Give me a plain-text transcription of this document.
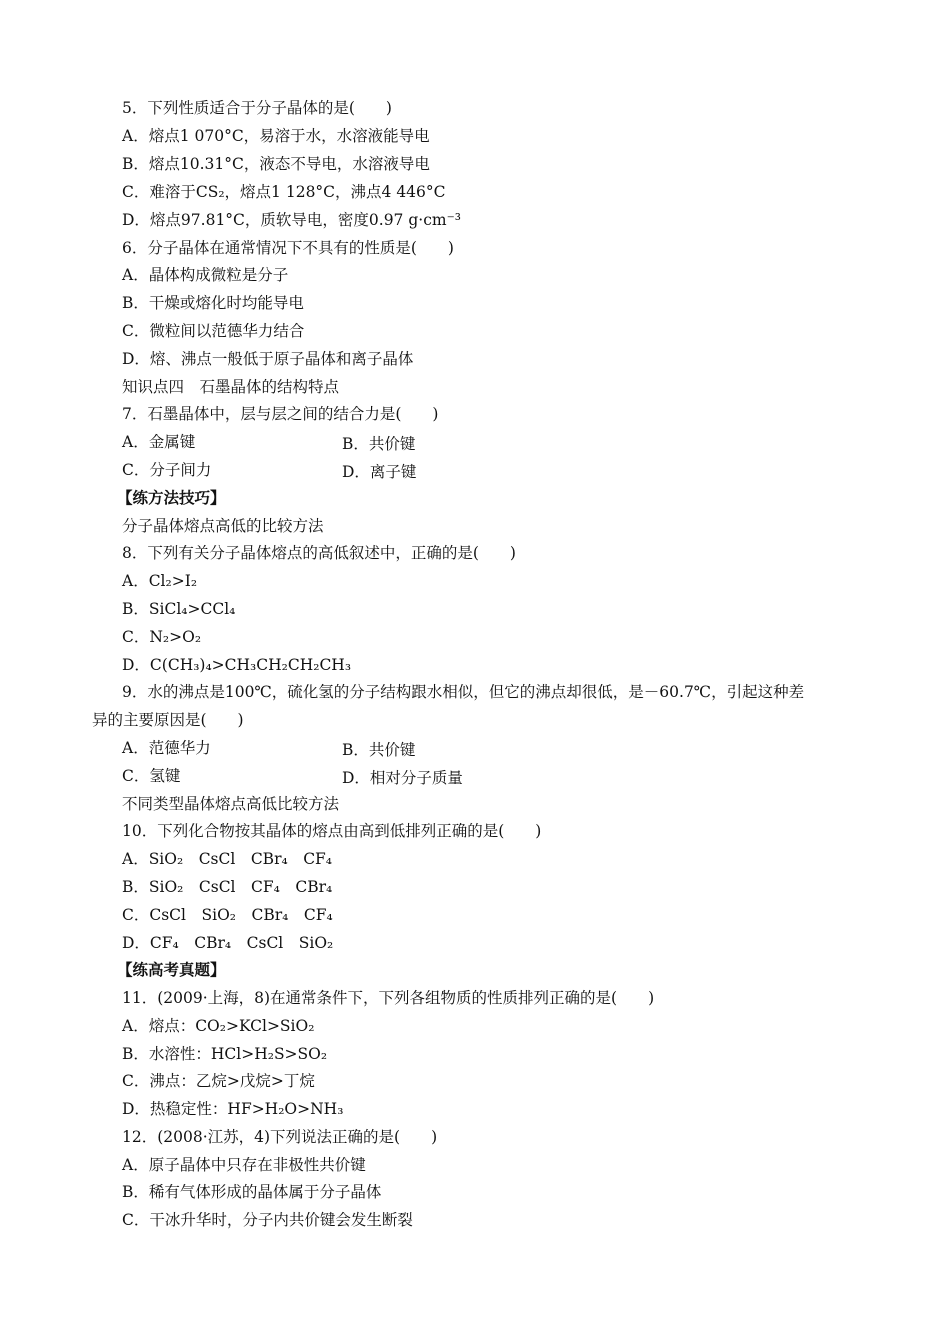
5．下列性质适合于分子晶体的是(　　)
A．熔点1 070°C，易溶于水，水溶液能导电
B．熔点10.31°C，液态不导电，水溶液导电
C．难溶于CS₂，熔点1 128°C，沸点4 446°C
D．熔点97.81°C，质软导电，密度0.97 g·cm⁻³
6．分子晶体在通常情况下不具有的性质是(　　)
A．晶体构成微粒是分子
B．干燥或熔化时均能导电
C．微粒间以范德华力结合
D．熔、沸点一般低于原子晶体和离子晶体
知识点四　石墨晶体的结构特点
7．石墨晶体中，层与层之间的结合力是(　　)
A．金属键	B．共价键
C．分子间力	D．离子键
【练方法技巧】
分子晶体熔点高低的比较方法
8．下列有关分子晶体熔点的高低叙述中，正确的是(　　)
A．Cl₂>I₂
B．SiCl₄>CCl₄
C．N₂>O₂
D．C(CH₃)₄>CH₃CH₂CH₂CH₃
9．水的沸点是100℃，硫化氢的分子结构跟水相似，但它的沸点却很低，是－60.7℃，引起这种差
异的主要原因是(　　)
A．范德华力	B．共价键
C．氢键	D．相对分子质量
不同类型晶体熔点高低比较方法
10．下列化合物按其晶体的熔点由高到低排列正确的是(　　)
A．SiO₂　CsCl　CBr₄　CF₄
B．SiO₂　CsCl　CF₄　CBr₄
C．CsCl　SiO₂　CBr₄　CF₄
D．CF₄　CBr₄　CsCl　SiO₂
【练高考真题】
11．(2009·上海，8)在通常条件下，下列各组物质的性质排列正确的是(　　)
A．熔点：CO₂>KCl>SiO₂
B．水溶性：HCl>H₂S>SO₂
C．沸点：乙烷>戊烷>丁烷
D．热稳定性：HF>H₂O>NH₃
12．(2008·江苏，4)下列说法正确的是(　　)
A．原子晶体中只存在非极性共价键
B．稀有气体形成的晶体属于分子晶体
C．干冰升华时，分子内共价键会发生断裂
